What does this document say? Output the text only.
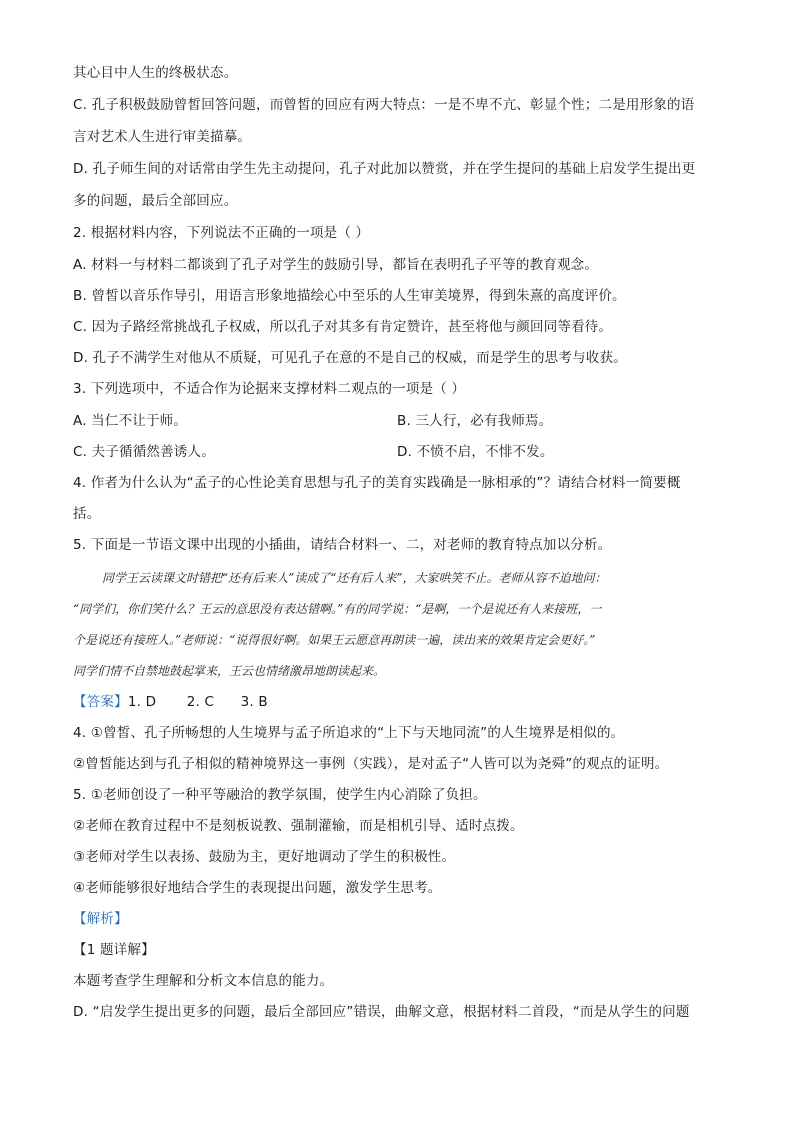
其心目中人生的终极状态。
C. 孔子积极鼓励曾皙回答问题，而曾皙的回应有两大特点：一是不卑不亢、彰显个性；二是用形象的语
言对艺术人生进行审美描摹。
D. 孔子师生间的对话常由学生先主动提问，孔子对此加以赞赏，并在学生提问的基础上启发学生提出更
多的问题，最后全部回应。
2. 根据材料内容，下列说法不正确的一项是（ ）
A. 材料一与材料二都谈到了孔子对学生的鼓励引导，都旨在表明孔子平等的教育观念。
B. 曾皙以音乐作导引，用语言形象地描绘心中至乐的人生审美境界，得到朱熹的高度评价。
C. 因为子路经常挑战孔子权威，所以孔子对其多有肯定赞许，甚至将他与颜回同等看待。
D. 孔子不满学生对他从不质疑，可见孔子在意的不是自己的权威，而是学生的思考与收获。
3. 下列选项中，不适合作为论据来支撑材料二观点的一项是（ ）
A. 当仁不让于师。	B. 三人行，必有我师焉。
C. 夫子循循然善诱人。	D. 不愤不启，不悱不发。
4. 作者为什么认为“孟子的心性论美育思想与孔子的美育实践确是一脉相承的”？请结合材料一简要概
括。
5. 下面是一节语文课中出现的小插曲，请结合材料一、二，对老师的教育特点加以分析。
同学王云读课文时错把“还有后来人”读成了“还有后人来”，大家哄笑不止。老师从容不迫地问：
“同学们，你们笑什么？王云的意思没有表达错啊。”有的同学说：“是啊，一个是说还有人来接班，一
个是说还有接班人。”老师说：“说得很好啊。如果王云愿意再朗读一遍，读出来的效果肯定会更好。”
同学们情不自禁地鼓起掌来，王云也情绪激昂地朗读起来。
【答案】1. D 2. C 3. B
4. ①曾皙、孔子所畅想的人生境界与孟子所追求的“上下与天地同流”的人生境界是相似的。
②曾皙能达到与孔子相似的精神境界这一事例（实践），是对孟子“人皆可以为尧舜”的观点的证明。
5. ①老师创设了一种平等融洽的教学氛围，使学生内心消除了负担。
②老师在教育过程中不是刻板说教、强制灌输，而是相机引导、适时点拨。
③老师对学生以表扬、鼓励为主，更好地调动了学生的积极性。
④老师能够很好地结合学生的表现提出问题，激发学生思考。
【解析】
【1 题详解】
本题考查学生理解和分析文本信息的能力。
D. “启发学生提出更多的问题，最后全部回应”错误，曲解文意，根据材料二首段，“而是从学生的问题
